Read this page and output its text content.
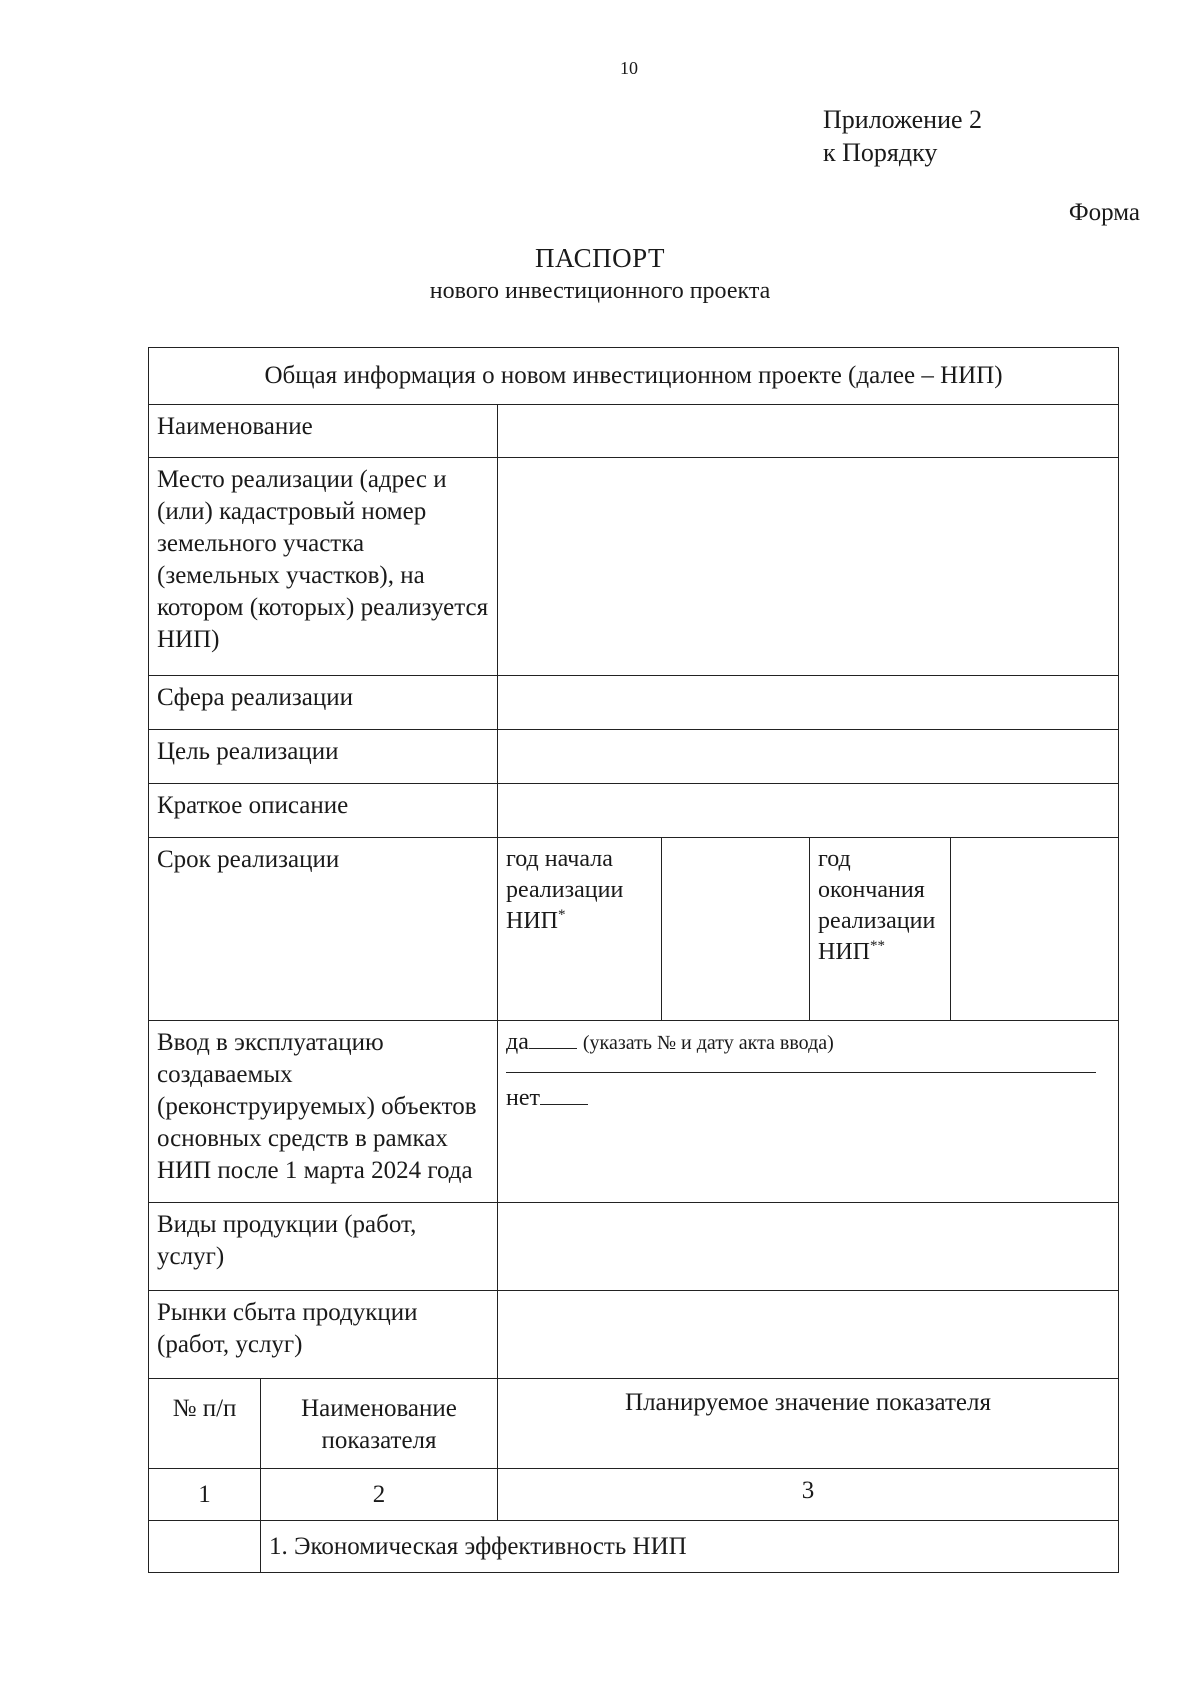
10
Приложение 2
к Порядку
Форма
ПАСПОРТ
нового инвестиционного проекта
Общая информация о новом инвестиционном проекте (далее – НИП)					
Наименование					
Место реализации (адрес и (или) кадастровый номер земельного участка (земельных участков), на котором (которых) реализуется НИП)					
Сфера реализации					
Цель реализации					
Краткое описание					
Срок реализации		год начала реализации НИП*		год окончания реализации НИП**	
Ввод в эксплуатацию создаваемых (реконструируемых) объектов основных средств в рамках НИП после 1 марта 2024 года		да (указать № и дату акта ввода)
нет			

Виды продукции (работ, услуг)					
Рынки сбыта продукции (работ, услуг)					
№ п/п	Наименование показателя	Планируемое значение показателя			
1	2	3			
	1. Экономическая эффективность НИП				
